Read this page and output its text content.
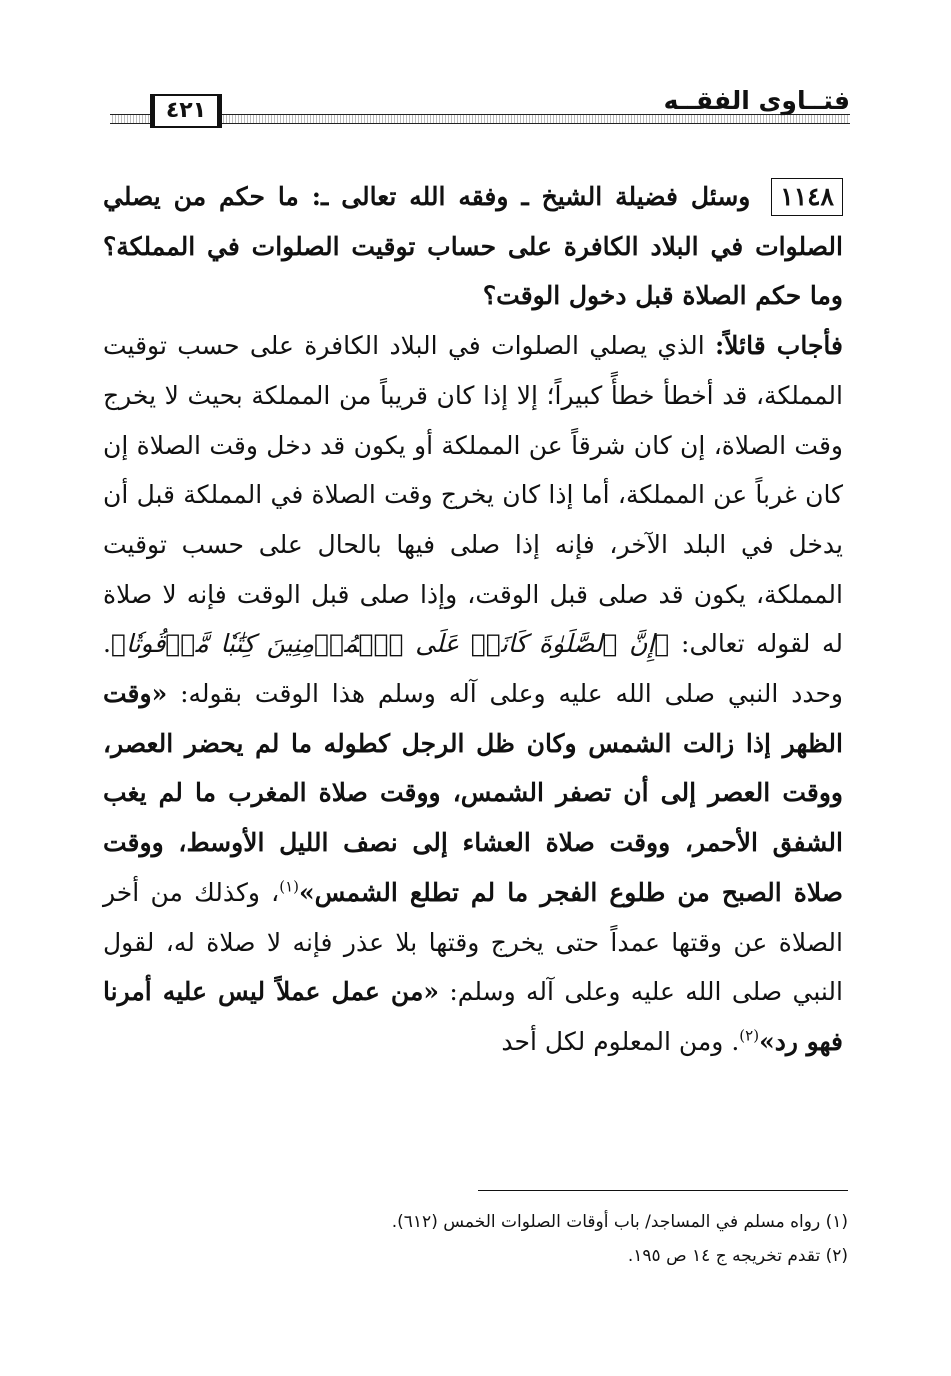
فتــاوى الفقــه
٤٢١

١١٤٨ وسئل فضيلة الشيخ ـ وفقه الله تعالى ـ: ما حكم من يصلي الصلوات في البلاد الكافرة على حساب توقيت الصلوات في المملكة؟ وما حكم الصلاة قبل دخول الوقت؟

فأجاب قائلاً: الذي يصلي الصلوات في البلاد الكافرة على حسب توقيت المملكة، قد أخطأ خطأً كبيراً؛ إلا إذا كان قريباً من المملكة بحيث لا يخرج وقت الصلاة، إن كان شرقاً عن المملكة أو يكون قد دخل وقت الصلاة إن كان غرباً عن المملكة، أما إذا كان يخرج وقت الصلاة في المملكة قبل أن يدخل في البلد الآخر، فإنه إذا صلى فيها بالحال على حسب توقيت المملكة، يكون قد صلى قبل الوقت، وإذا صلى قبل الوقت فإنه لا صلاة له لقوله تعالى: ﴿إِنَّ ٱلصَّلَوٰةَ كَانَتۡ عَلَى ٱلۡمُؤۡمِنِينَ كِتَٰبٗا مَّوۡقُوتٗا﴾. وحدد النبي صلى الله عليه وعلى آله وسلم هذا الوقت بقوله: «وقت الظهر إذا زالت الشمس وكان ظل الرجل كطوله ما لم يحضر العصر، ووقت العصر إلى أن تصفر الشمس، ووقت صلاة المغرب ما لم يغب الشفق الأحمر، ووقت صلاة العشاء إلى نصف الليل الأوسط، ووقت صلاة الصبح من طلوع الفجر ما لم تطلع الشمس»$^{(١)}$، وكذلك من أخر الصلاة عن وقتها عمداً حتى يخرج وقتها بلا عذر فإنه لا صلاة له، لقول النبي صلى الله عليه وعلى آله وسلم: «من عمل عملاً ليس عليه أمرنا فهو رد»$^{(٢)}$. ومن المعلوم لكل أحد

(١) رواه مسلم في المساجد/ باب أوقات الصلوات الخمس (٦١٢).
(٢) تقدم تخريجه ج ١٤ ص ١٩٥.
